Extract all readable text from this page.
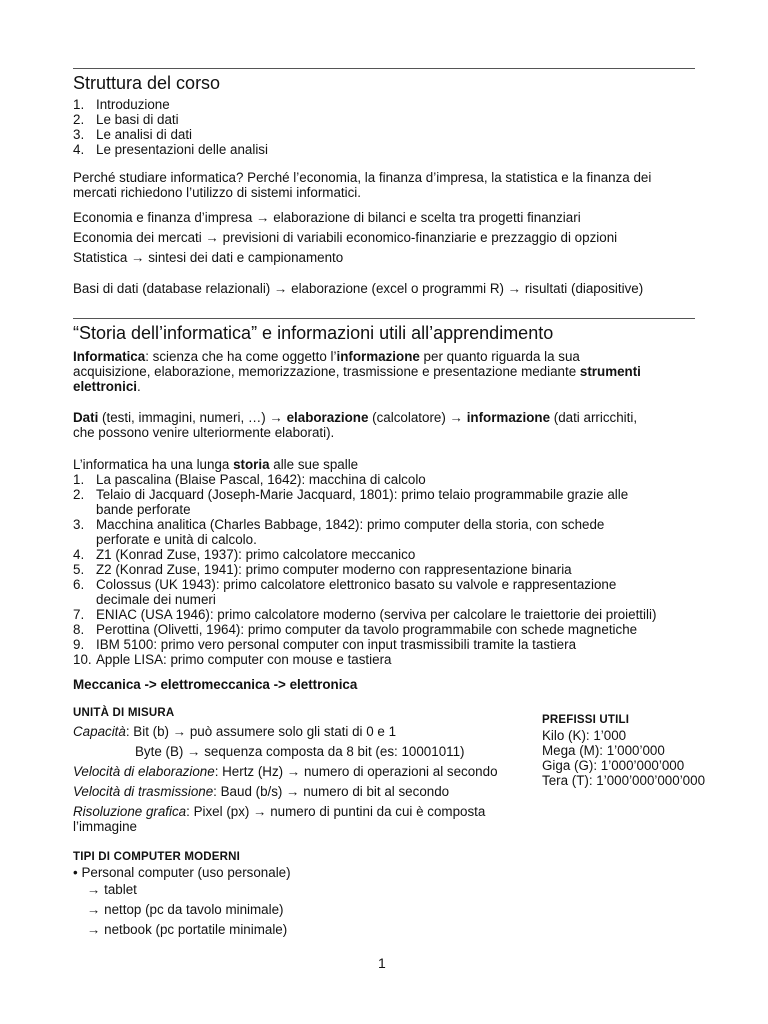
Struttura del corso
1. Introduzione
2. Le basi di dati
3. Le analisi di dati
4. Le presentazioni delle analisi
Perché studiare informatica? Perché l’economia, la finanza d’impresa, la statistica e la finanza dei
mercati richiedono l’utilizzo di sistemi informatici.
Economia e finanza d’impresa → elaborazione di bilanci e scelta tra progetti finanziari
Economia dei mercati → previsioni di variabili economico-finanziarie e prezzaggio di opzioni
Statistica → sintesi dei dati e campionamento
Basi di dati (database relazionali) → elaborazione (excel o programmi R) → risultati (diapositive)
“Storia dell’informatica” e informazioni utili all’apprendimento
Informatica: scienza che ha come oggetto l’informazione per quanto riguarda la sua
acquisizione, elaborazione, memorizzazione, trasmissione e presentazione mediante strumenti
elettronici.
Dati (testi, immagini, numeri, …) → elaborazione (calcolatore) → informazione (dati arricchiti,
che possono venire ulteriormente elaborati).
L’informatica ha una lunga storia alle sue spalle
1. La pascalina (Blaise Pascal, 1642): macchina di calcolo
2. Telaio di Jacquard (Joseph-Marie Jacquard, 1801): primo telaio programmabile grazie alle
bande perforate
3. Macchina analitica (Charles Babbage, 1842): primo computer della storia, con schede
perforate e unità di calcolo.
4. Z1 (Konrad Zuse, 1937): primo calcolatore meccanico
5. Z2 (Konrad Zuse, 1941): primo computer moderno con rappresentazione binaria
6. Colossus (UK 1943): primo calcolatore elettronico basato su valvole e rappresentazione
decimale dei numeri
7. ENIAC (USA 1946): primo calcolatore moderno (serviva per calcolare le traiettorie dei proiettili)
8. Perottina (Olivetti, 1964): primo computer da tavolo programmabile con schede magnetiche
9. IBM 5100: primo vero personal computer con input trasmissibili tramite la tastiera
10. Apple LISA: primo computer con mouse e tastiera
Meccanica -> elettromeccanica -> elettronica
UNITÀ DI MISURA
Capacità: Bit (b) → può assumere solo gli stati di 0 e 1
Byte (B) → sequenza composta da 8 bit (es: 10001011)
Velocità di elaborazione: Hertz (Hz) → numero di operazioni al secondo
Velocità di trasmissione: Baud (b/s) → numero di bit al secondo
Risoluzione grafica: Pixel (px) → numero di puntini da cui è composta
l’immagine
PREFISSI UTILI
Kilo (K): 1’000
Mega (M): 1’000’000
Giga (G): 1’000’000’000
Tera (T): 1’000’000’000’000
TIPI DI COMPUTER MODERNI
• Personal computer (uso personale)
→ tablet
→ nettop (pc da tavolo minimale)
→ netbook (pc portatile minimale)
1
